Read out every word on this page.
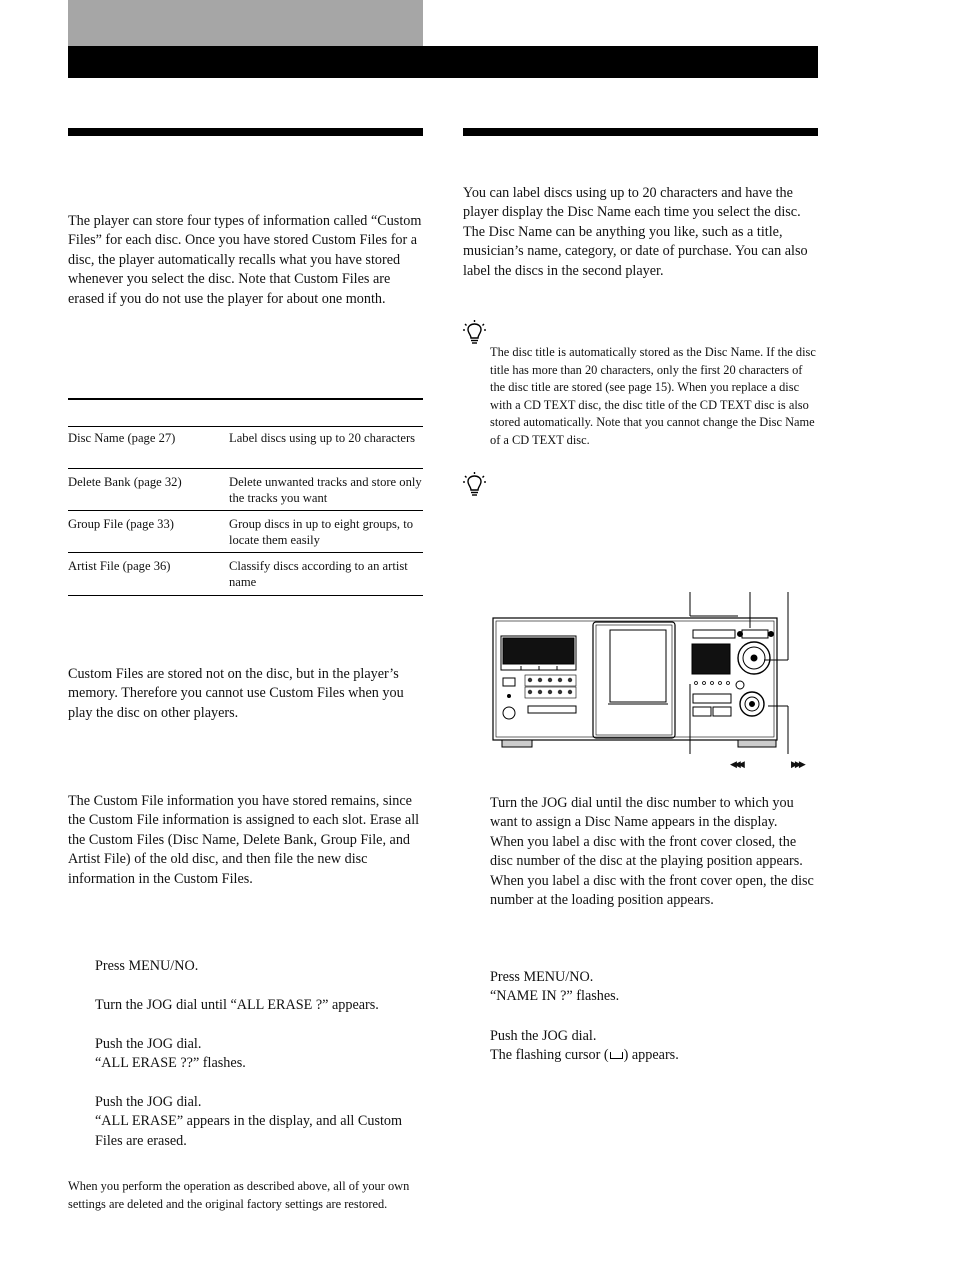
The player can store four types of information called “Custom Files” for each disc. Once you have stored Custom Files for a disc, the player automatically recalls what you have stored whenever you select the disc. Note that Custom Files are erased if you do not use the player for about one month.
Disc Name (page 27)	Label discs using up to 20 characters
Delete Bank (page 32)	Delete unwanted tracks and store only the tracks you want
Group File (page 33)	Group discs in up to eight groups, to locate them easily
Artist File (page 36)	Classify discs according to an artist name
Custom Files are stored not on the disc, but in the player’s memory. Therefore you cannot use Custom Files when you play the disc on other players.
The Custom File information you have stored remains, since the Custom File information is assigned to each slot. Erase all the Custom Files (Disc Name, Delete Bank, Group File, and Artist File) of the old disc, and then file the new disc information in the Custom Files.
Press MENU/NO.
Turn the JOG dial until “ALL ERASE ?” appears.
Push the JOG dial.
“ALL ERASE ??” flashes.
Push the JOG dial.
“ALL ERASE” appears in the display, and all Custom Files are erased.
When you perform the operation as described above, all of your own settings are deleted and the original factory settings are restored.
You can label discs using up to 20 characters and have the player display the Disc Name each time you select the disc. The Disc Name can be anything you like, such as a title, musician’s name, category, or date of purchase. You can also label the discs in the second player.
The disc title is automatically stored as the Disc Name. If the disc title has more than 20 characters, only the first 20 characters of the disc title are stored (see page 15). When you replace a disc with a CD TEXT disc, the disc title of the CD TEXT disc is also stored automatically. Note that you cannot change the Disc Name of a CD TEXT disc.
◀◀◀	▶▶▶
Turn the JOG dial until the disc number to which you want to assign a Disc Name appears in the display.
When you label a disc with the front cover closed, the disc number of the disc at the playing position appears.
When you label a disc with the front cover open, the disc number at the loading position appears.
Press MENU/NO.
“NAME IN ?” flashes.
Push the JOG dial.
The flashing cursor ( ) appears.
